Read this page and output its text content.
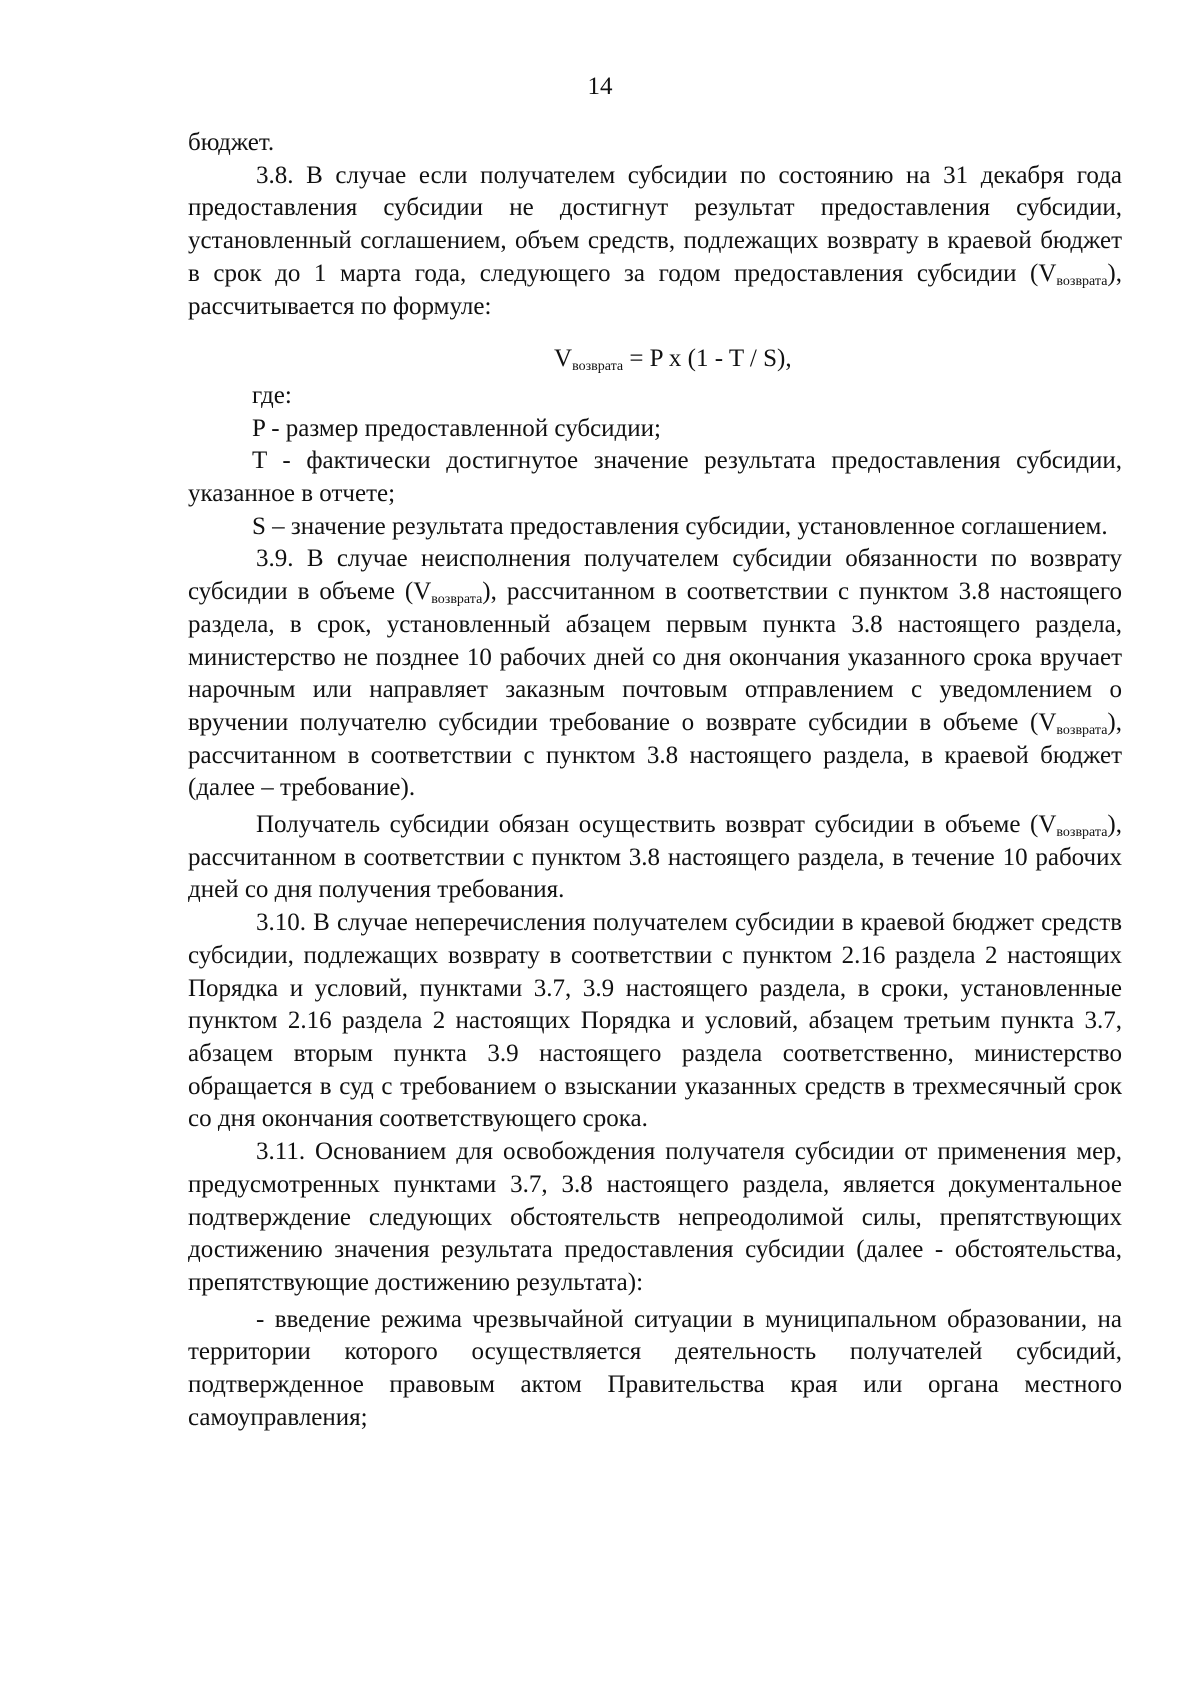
14

бюджет.

3.8. В случае если получателем субсидии по состоянию на 31 декабря года предоставления субсидии не достигнут результат предоставления субсидии, установленный соглашением, объем средств, подлежащих возврату в краевой бюджет в срок до 1 марта года, следующего за годом предоставления субсидии $(V_{возврата})$, рассчитывается по формуле:

$V_{возврата} = P$ x (1 - T / S),

где:

P - размер предоставленной субсидии;

T - фактически достигнутое значение результата предоставления субсидии, указанное в отчете;

S – значение результата предоставления субсидии, установленное соглашением.

3.9. В случае неисполнения получателем субсидии обязанности по возврату субсидии в объеме $(V_{возврата})$, рассчитанном в соответствии с пунктом 3.8 настоящего раздела, в срок, установленный абзацем первым пункта 3.8 настоящего раздела, министерство не позднее 10 рабочих дней со дня окончания указанного срока вручает нарочным или направляет заказным почтовым отправлением с уведомлением о вручении получателю субсидии требование о возврате субсидии в объеме $(V_{возврата})$, рассчитанном в соответствии с пунктом 3.8 настоящего раздела, в краевой бюджет (далее – требование).

Получатель субсидии обязан осуществить возврат субсидии в объеме $(V_{возврата})$, рассчитанном в соответствии с пунктом 3.8 настоящего раздела, в течение 10 рабочих дней со дня получения требования.

3.10. В случае неперечисления получателем субсидии в краевой бюджет средств субсидии, подлежащих возврату в соответствии с пунктом 2.16 раздела 2 настоящих Порядка и условий, пунктами 3.7, 3.9 настоящего раздела, в сроки, установленные пунктом 2.16 раздела 2 настоящих Порядка и условий, абзацем третьим пункта 3.7, абзацем вторым пункта 3.9 настоящего раздела соответственно, министерство обращается в суд с требованием о взыскании указанных средств в трехмесячный срок со дня окончания соответствующего срока.

3.11. Основанием для освобождения получателя субсидии от применения мер, предусмотренных пунктами 3.7, 3.8 настоящего раздела, является документальное подтверждение следующих обстоятельств непреодолимой силы, препятствующих достижению значения результата предоставления субсидии (далее - обстоятельства, препятствующие достижению результата):

- введение режима чрезвычайной ситуации в муниципальном образовании, на территории которого осуществляется деятельность получателей субсидий, подтвержденное правовым актом Правительства края или органа местного самоуправления;
